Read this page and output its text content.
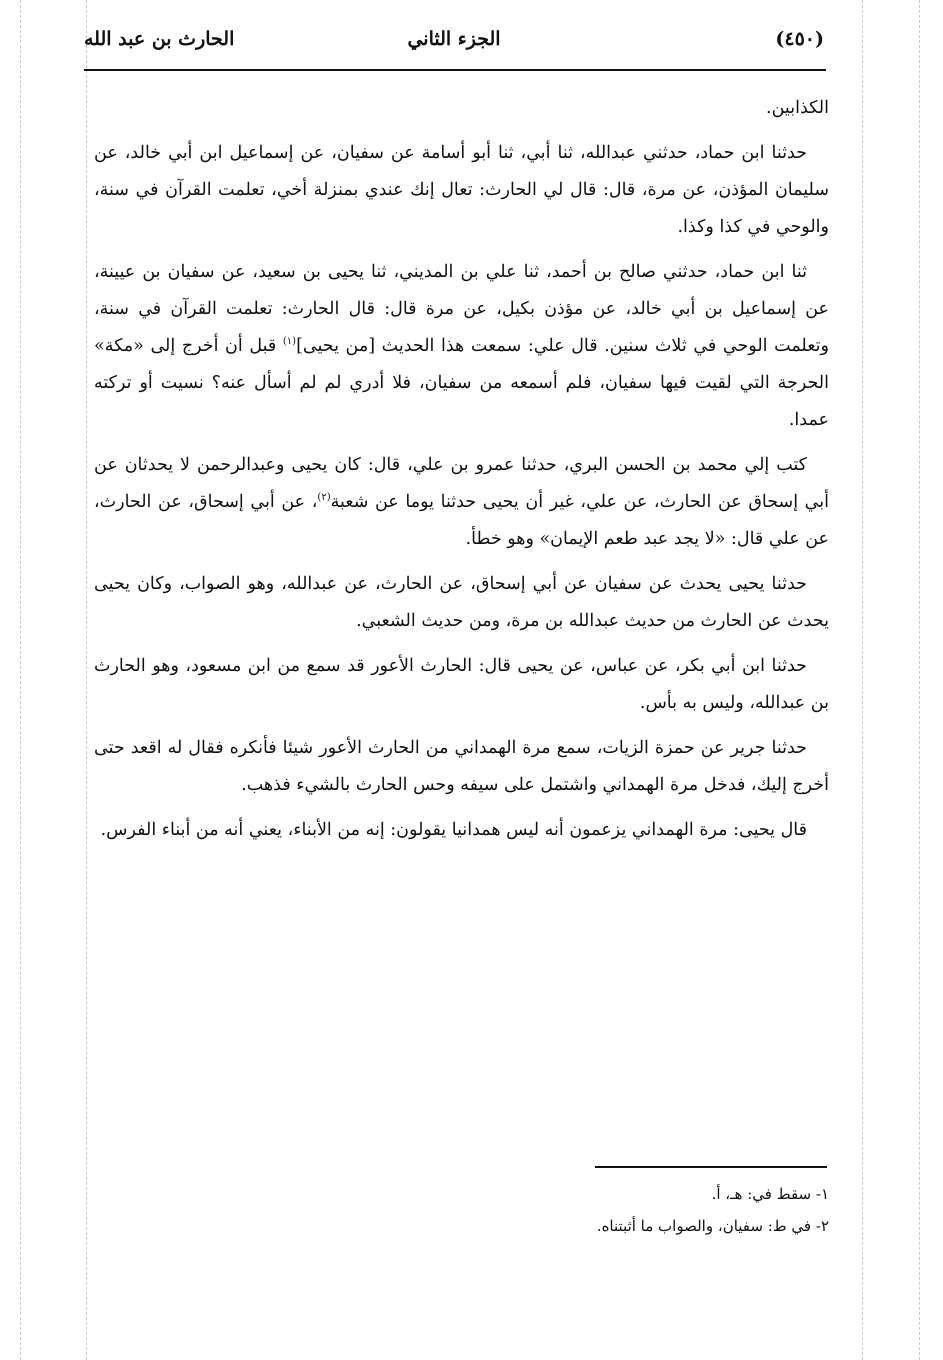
(٤٥٠)
الجزء الثاني
الحارث بن عبد الله

الكذابين.

حدثنا ابن حماد، حدثني عبدالله، ثنا أبي، ثنا أبو أسامة عن سفيان، عن إسماعيل ابن أبي خالد، عن سليمان المؤذن، عن مرة، قال: قال لي الحارث: تعال إنك عندي بمنزلة أخي، تعلمت القرآن في سنة، والوحي في كذا وكذا.

ثنا ابن حماد، حدثني صالح بن أحمد، ثنا علي بن المديني، ثنا يحيى بن سعيد، عن سفيان بن عيينة، عن إسماعيل بن أبي خالد، عن مؤذن بكيل، عن مرة قال: قال الحارث: تعلمت القرآن في سنة، وتعلمت الوحي في ثلاث سنين. قال علي: سمعت هذا الحديث [من يحيى]$^{(١)}$ قبل أن أخرج إلى «مكة» الحرجة التي لقيت فيها سفيان، فلم أسمعه من سفيان، فلا أدري لم لم أسأل عنه؟ نسيت أو تركته عمدا.

كتب إلي محمد بن الحسن البري، حدثنا عمرو بن علي، قال: كان يحيى وعبدالرحمن لا يحدثان عن أبي إسحاق عن الحارث، عن علي، غير أن يحيى حدثنا يوما عن شعبة$^{(٢)}$، عن أبي إسحاق، عن الحارث، عن علي قال: «لا يجد عبد طعم الإيمان» وهو خطأ.

حدثنا يحيى يحدث عن سفيان عن أبي إسحاق، عن الحارث، عن عبدالله، وهو الصواب، وكان يحيى يحدث عن الحارث من حديث عبدالله بن مرة، ومن حديث الشعبي.

حدثنا ابن أبي بكر، عن عباس، عن يحيى قال: الحارث الأعور قد سمع من ابن مسعود، وهو الحارث بن عبدالله، وليس به بأس.

حدثنا جرير عن حمزة الزيات، سمع مرة الهمداني من الحارث الأعور شيئا فأنكره فقال له اقعد حتى أخرج إليك، فدخل مرة الهمداني واشتمل على سيفه وحس الحارث بالشيء فذهب.

قال يحيى: مرة الهمداني يزعمون أنه ليس همدانيا يقولون: إنه من الأبناء، يعني أنه من أبناء الفرس.

١- سقط في: هـ، أ.
٢- في ط: سفيان، والصواب ما أثبتناه.
